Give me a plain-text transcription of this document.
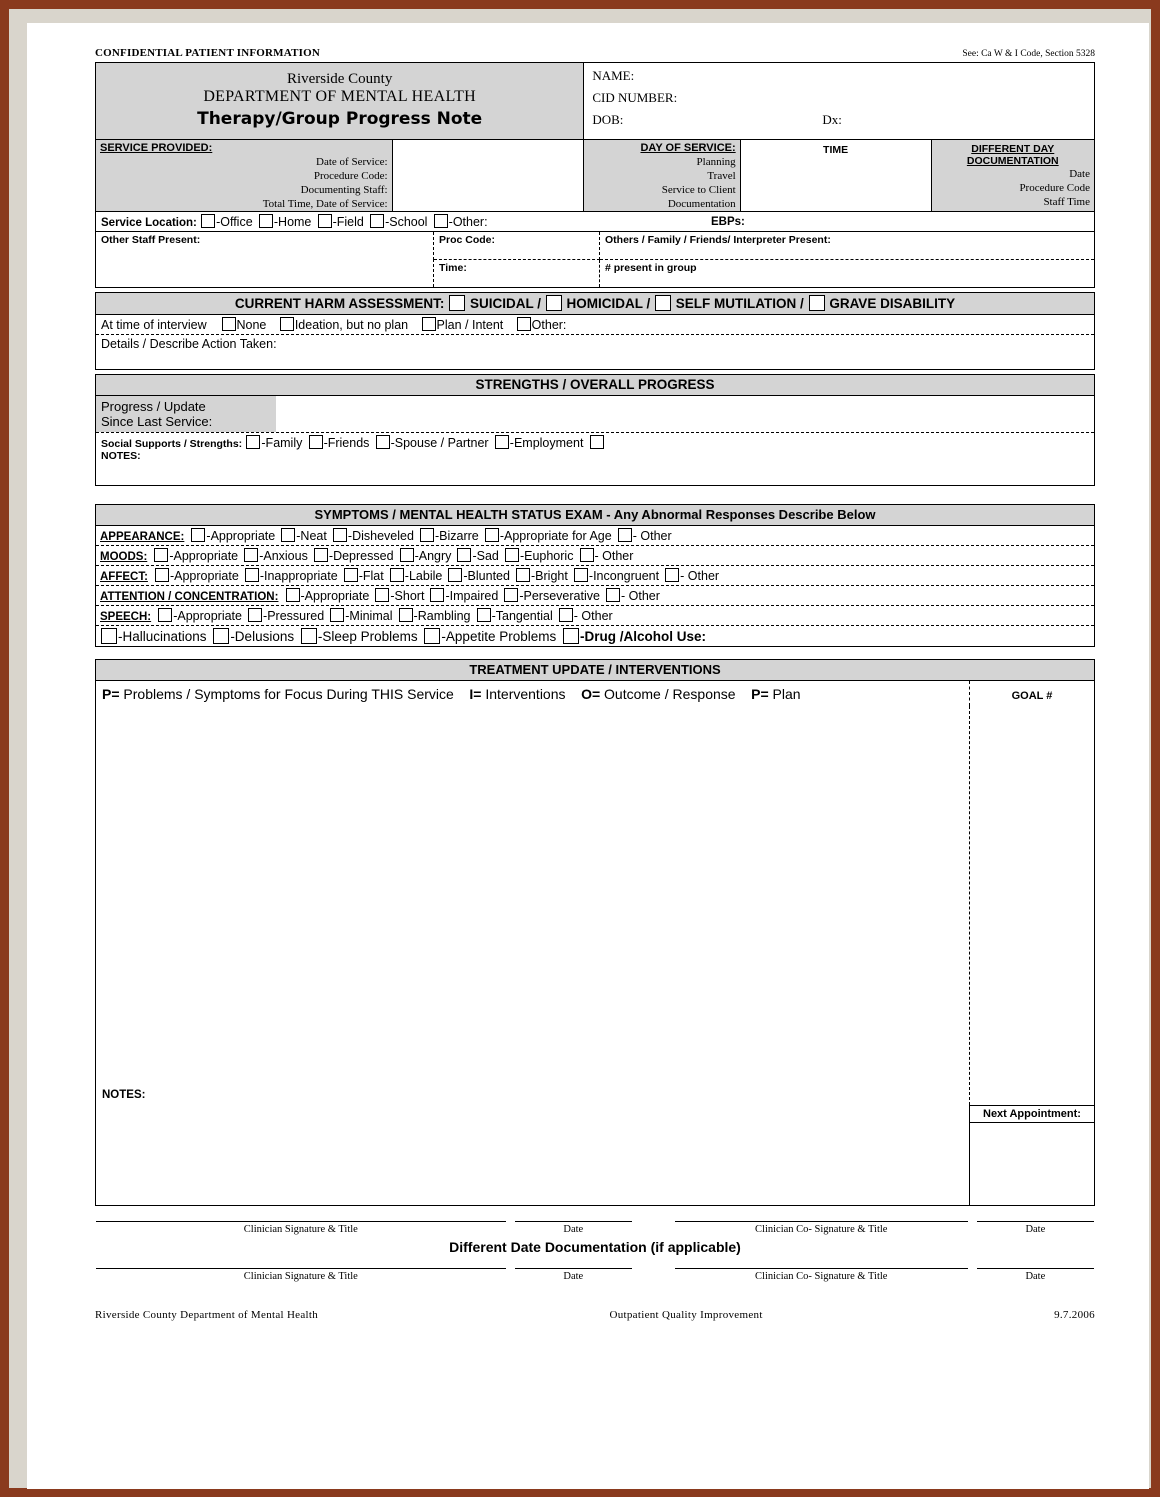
CONFIDENTIAL PATIENT INFORMATION	See: Ca W & I Code, Section 5328
Riverside County
DEPARTMENT OF MENTAL HEALTH
Therapy/Group Progress Note

NAME:
CID NUMBER:
DOB:	Dx:

SERVICE PROVIDED:
Date of Service:
Procedure Code:
Documenting Staff:
Total Time, Date of Service:

DAY OF SERVICE:
Planning
Travel
Service to Client
Documentation

TIME	DIFFERENT DAY
DOCUMENTATION
Date
Procedure Code
Staff Time
Service Location: -Office -Home -Field -School -Other:	EBPs:
Other Staff Present:	Proc Code:	Others / Family / Friends/ Interpreter Present:
	Time:	# present in group
CURRENT HARM ASSESSMENT: SUICIDAL / HOMICIDAL / SELF MUTILATION / GRAVE DISABILITY
At time of interview None Ideation, but no plan Plan / Intent Other:
Details / Describe Action Taken:
STRENGTHS / OVERALL PROGRESS
Progress / Update
Since Last Service:

Social Supports / Strengths: -Family -Friends -Spouse / Partner -Employment
NOTES:
SYMPTOMS / MENTAL HEALTH STATUS EXAM - Any Abnormal Responses Describe Below
APPEARANCE: -Appropriate -Neat -Disheveled -Bizarre -Appropriate for Age - Other
MOODS: -Appropriate -Anxious -Depressed -Angry -Sad -Euphoric - Other
AFFECT: -Appropriate -Inappropriate -Flat -Labile -Blunted -Bright -Incongruent - Other
ATTENTION / CONCENTRATION: -Appropriate -Short -Impaired -Perseverative - Other
SPEECH: -Appropriate -Pressured -Minimal -Rambling -Tangential - Other
-Hallucinations -Delusions -Sleep Problems -Appetite Problems -Drug /Alcohol Use:
TREATMENT UPDATE / INTERVENTIONS
P= Problems / Symptoms for Focus During THIS Service I= Interventions O= Outcome / Response P= Plan	GOAL #

NOTES:	

	Next Appointment:

Clinician Signature & Title	Date		Clinician Co- Signature & Title	Date
Different Date Documentation (if applicable)
Clinician Signature & Title	Date		Clinician Co- Signature & Title	Date
Riverside County Department of Mental Health	Outpatient Quality Improvement	9.7.2006
